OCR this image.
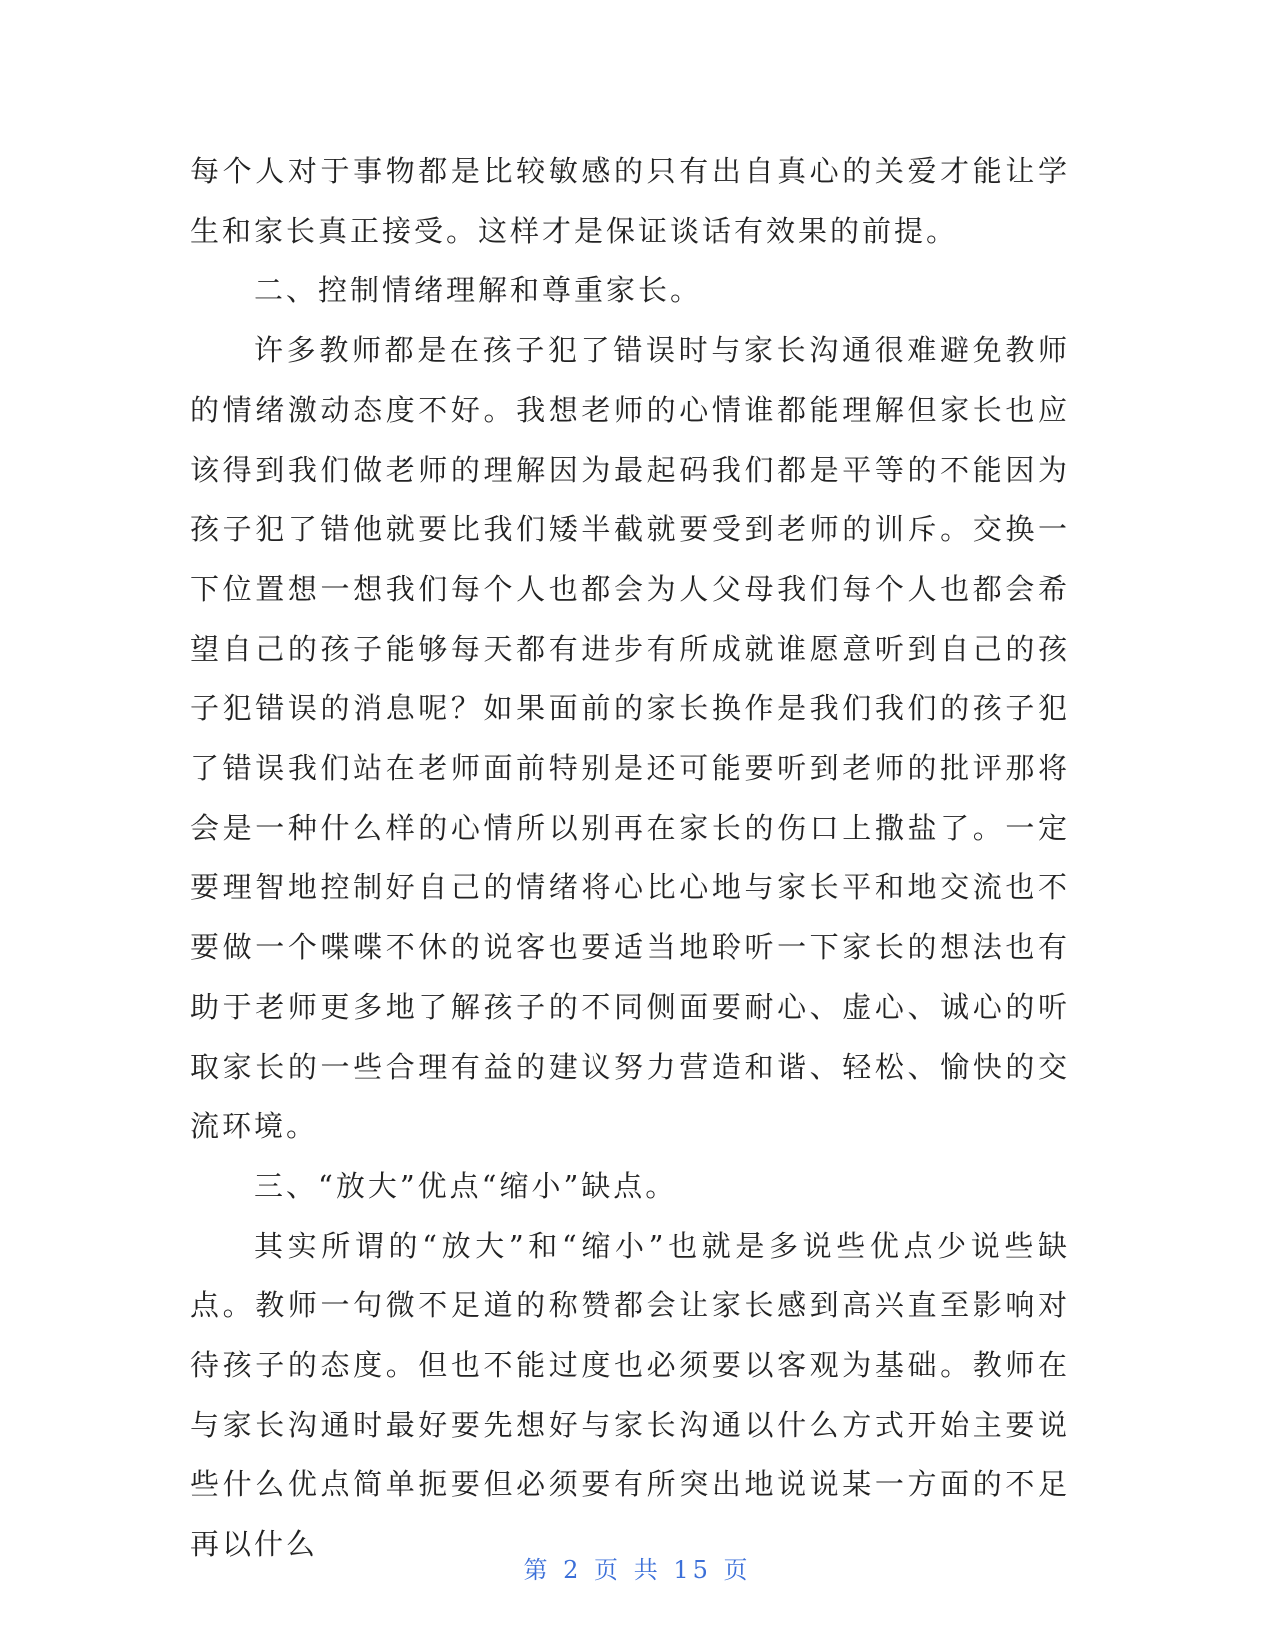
每个人对于事物都是比较敏感的只有出自真心的关爱才能让学生和家长真正接受。这样才是保证谈话有效果的前提。

二、控制情绪理解和尊重家长。

许多教师都是在孩子犯了错误时与家长沟通很难避免教师的情绪激动态度不好。我想老师的心情谁都能理解但家长也应该得到我们做老师的理解因为最起码我们都是平等的不能因为孩子犯了错他就要比我们矮半截就要受到老师的训斥。交换一下位置想一想我们每个人也都会为人父母我们每个人也都会希望自己的孩子能够每天都有进步有所成就谁愿意听到自己的孩子犯错误的消息呢？如果面前的家长换作是我们我们的孩子犯了错误我们站在老师面前特别是还可能要听到老师的批评那将会是一种什么样的心情所以别再在家长的伤口上撒盐了。一定要理智地控制好自己的情绪将心比心地与家长平和地交流也不要做一个喋喋不休的说客也要适当地聆听一下家长的想法也有助于老师更多地了解孩子的不同侧面要耐心、虚心、诚心的听取家长的一些合理有益的建议努力营造和谐、轻松、愉快的交流环境。

三、“放大”优点“缩小”缺点。

其实所谓的“放大”和“缩小”也就是多说些优点少说些缺点。教师一句微不足道的称赞都会让家长感到高兴直至影响对待孩子的态度。但也不能过度也必须要以客观为基础。教师在与家长沟通时最好要先想好与家长沟通以什么方式开始主要说些什么优点简单扼要但必须要有所突出地说说某一方面的不足再以什么

第 2 页 共 15 页
